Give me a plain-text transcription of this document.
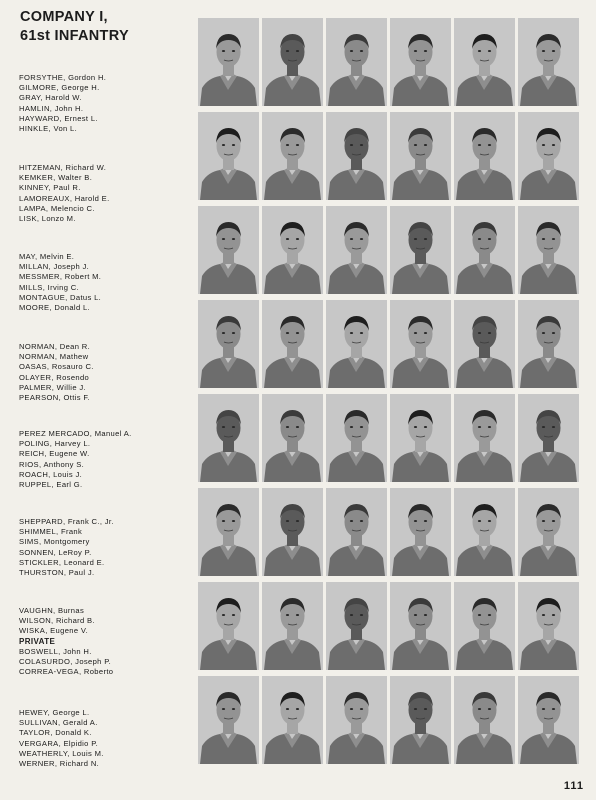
COMPANY I,
61st INFANTRY
FORSYTHE, Gordon H.
GILMORE, George H.
GRAY, Harold W.
HAMLIN, John H.
HAYWARD, Ernest L.
HINKLE, Von L.
HITZEMAN, Richard W.
KEMKER, Walter B.
KINNEY, Paul R.
LAMOREAUX, Harold E.
LAMPA, Melencio C.
LISK, Lonzo M.
MAY, Melvin E.
MILLAN, Joseph J.
MESSMER, Robert M.
MILLS, Irving C.
MONTAGUE, Datus L.
MOORE, Donald L.
NORMAN, Dean R.
NORMAN, Mathew
OASAS, Rosauro C.
OLAYER, Rosendo
PALMER, Willie J.
PEARSON, Ottis F.
PEREZ MERCADO, Manuel A.
POLING, Harvey L.
REICH, Eugene W.
RIOS, Anthony S.
ROACH, Louis J.
RUPPEL, Earl G.
SHEPPARD, Frank C., Jr.
SHIMMEL, Frank
SIMS, Montgomery
SONNEN, LeRoy P.
STICKLER, Leonard E.
THURSTON, Paul J.
VAUGHN, Burnas
WILSON, Richard B.
WISKA, Eugene V.
PRIVATE
BOSWELL, John H.
COLASURDO, Joseph P.
CORREA-VEGA, Roberto
HEWEY, George L.
SULLIVAN, Gerald A.
TAYLOR, Donald K.
VERGARA, Elpidio P.
WEATHERLY, Louis M.
WERNER, Richard N.
111
